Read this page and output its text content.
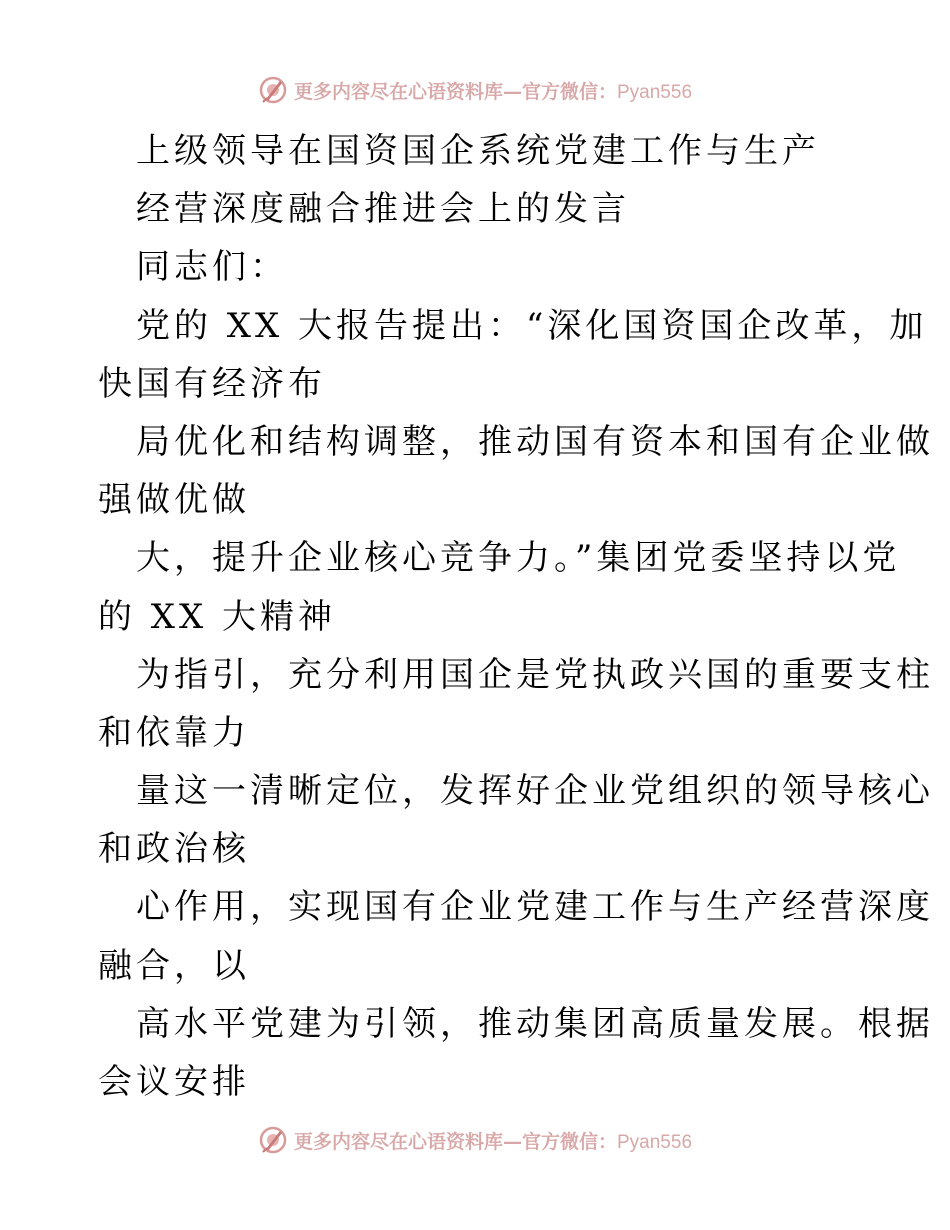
更多内容尽在心语资料库—官方微信：Pyan556
上级领导在国资国企系统党建工作与生产
经营深度融合推进会上的发言
同志们：
党的 XX 大报告提出：“深化国资国企改革，加
快国有经济布
局优化和结构调整，推动国有资本和国有企业做
强做优做
大，提升企业核心竞争力。”集团党委坚持以党
的 XX 大精神
为指引，充分利用国企是党执政兴国的重要支柱
和依靠力
量这一清晰定位，发挥好企业党组织的领导核心
和政治核
心作用，实现国有企业党建工作与生产经营深度
融合，以
高水平党建为引领，推动集团高质量发展。根据
会议安排
更多内容尽在心语资料库—官方微信：Pyan556
